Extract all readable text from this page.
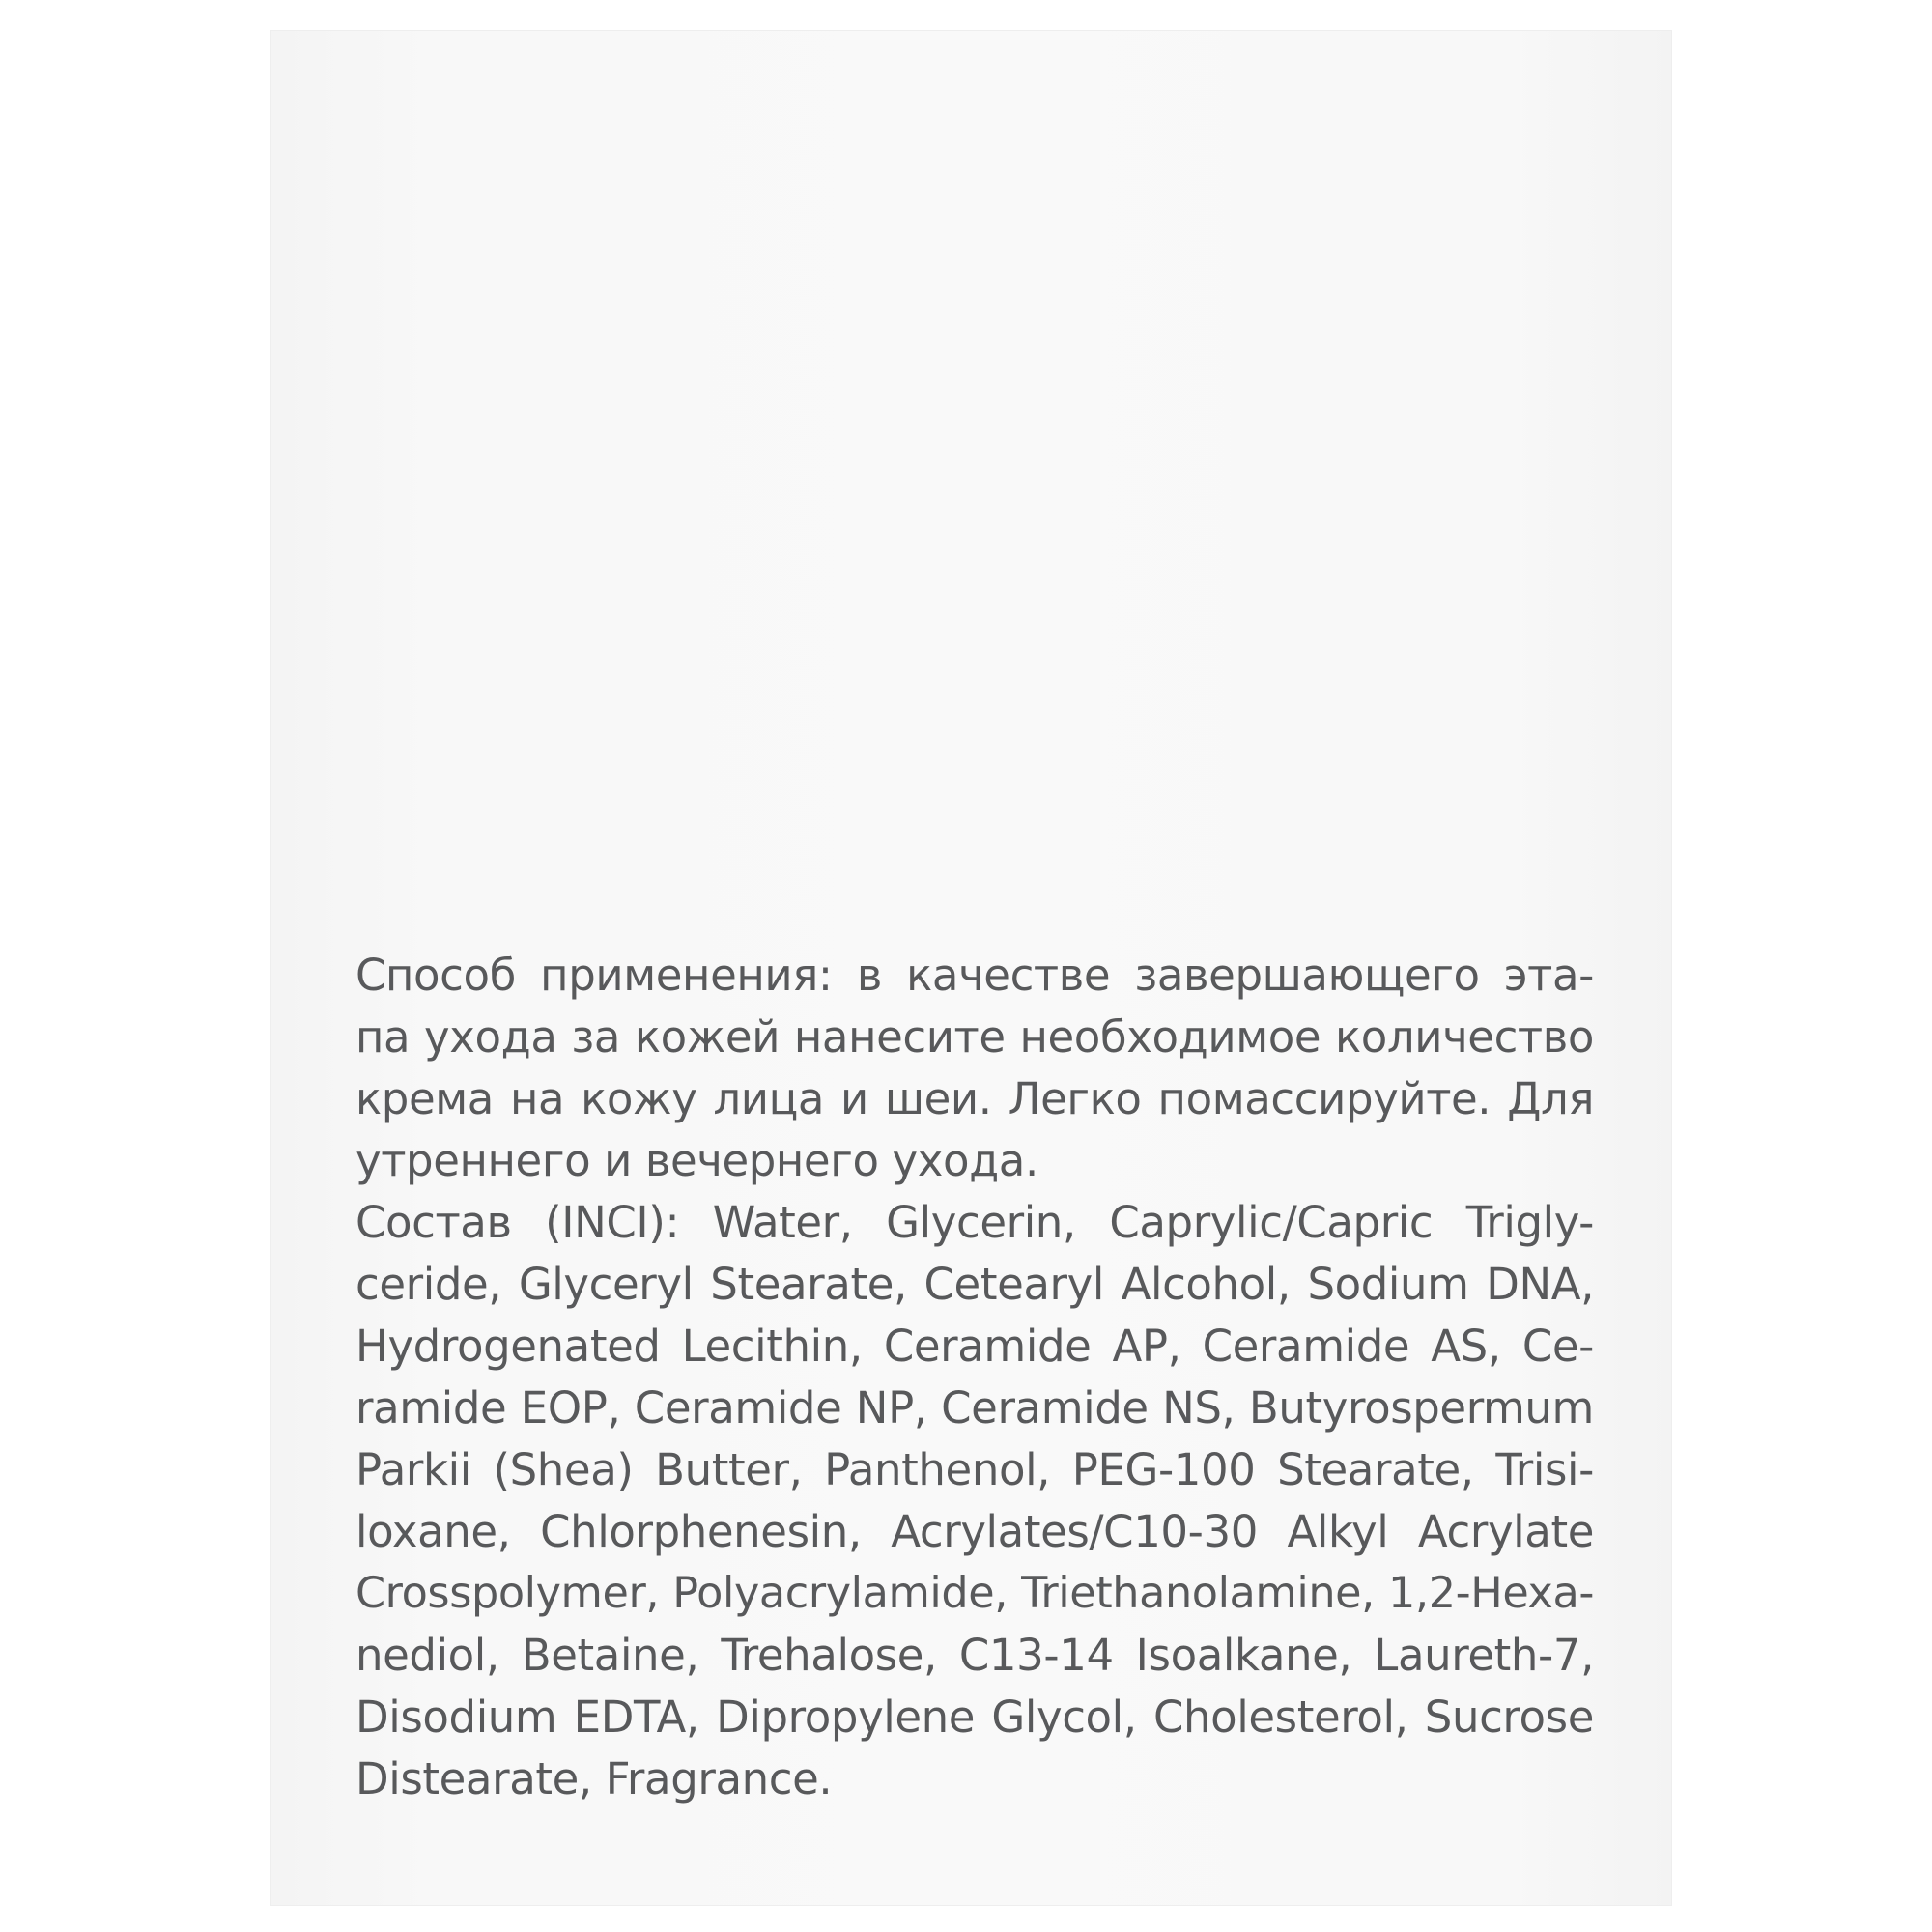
Способ применения: в качестве завершающего эта-
па ухода за кожей нанесите необходимое количество
крема на кожу лица и шеи. Легко помассируйте. Для
утреннего и вечернего ухода.
Состав (INCI): Water, Glycerin, Caprylic/Capric Trigly-
ceride, Glyceryl Stearate, Cetearyl Alcohol, Sodium DNA,
Hydrogenated Lecithin, Ceramide AP, Ceramide AS, Ce-
ramide EOP, Ceramide NP, Ceramide NS, Butyrospermum
Parkii (Shea) Butter, Panthenol, PEG-100 Stearate, Trisi-
loxane, Chlorphenesin, Acrylates/C10-30 Alkyl Acrylate
Crosspolymer, Polyacrylamide, Triethanolamine, 1,2-Hexa-
nediol, Betaine, Trehalose, C13-14 Isoalkane, Laureth-7,
Disodium EDTA, Dipropylene Glycol, Cholesterol, Sucrose
Distearate, Fragrance.
